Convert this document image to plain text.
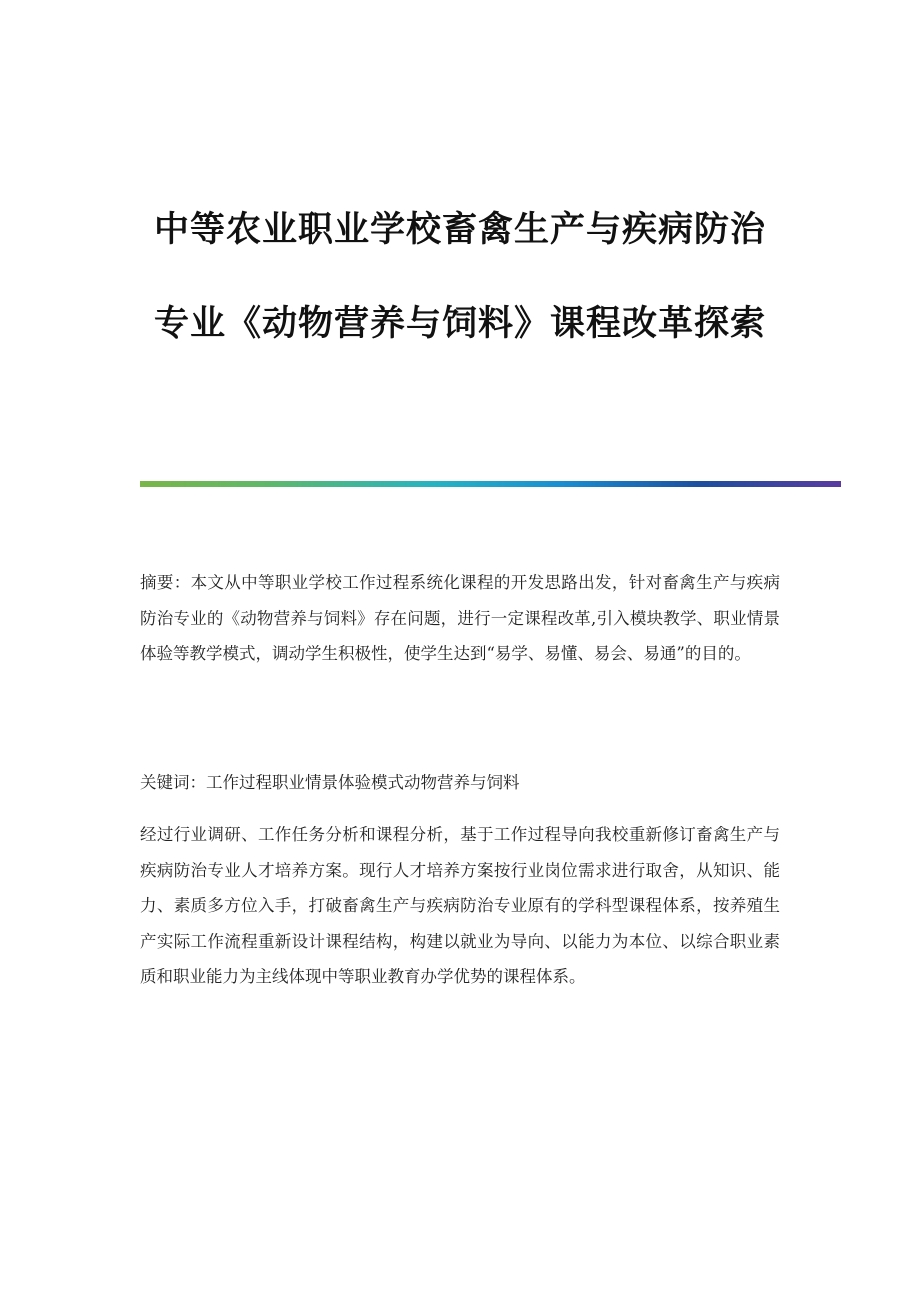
中等农业职业学校畜禽生产与疾病防治
专业《动物营养与饲料》课程改革探索

摘要：本文从中等职业学校工作过程系统化课程的开发思路出发，针对畜禽生产与疾病防治专业的《动物营养与饲料》存在问题，进行一定课程改革,引入模块教学、职业情景体验等教学模式，调动学生积极性，使学生达到“易学、易懂、易会、易通”的目的。

关键词：工作过程职业情景体验模式动物营养与饲料

经过行业调研、工作任务分析和课程分析，基于工作过程导向我校重新修订畜禽生产与疾病防治专业人才培养方案。现行人才培养方案按行业岗位需求进行取舍，从知识、能力、素质多方位入手，打破畜禽生产与疾病防治专业原有的学科型课程体系，按养殖生产实际工作流程重新设计课程结构，构建以就业为导向、以能力为本位、以综合职业素质和职业能力为主线体现中等职业教育办学优势的课程体系。
